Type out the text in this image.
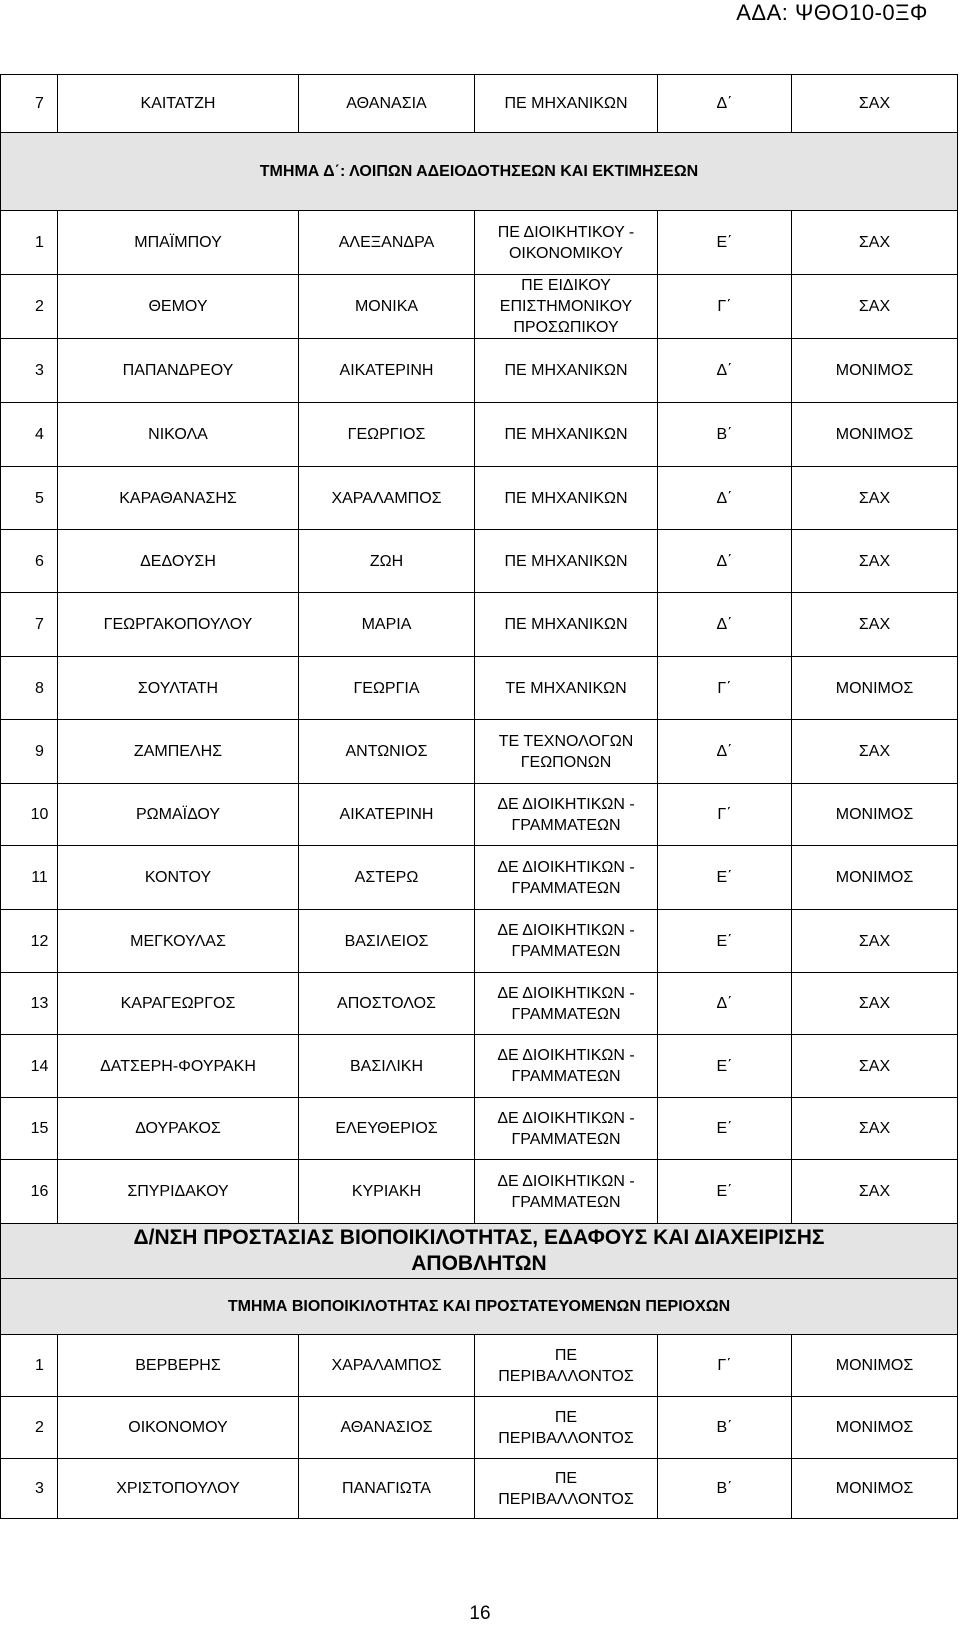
ΑΔΑ: ΨΘΟ10-0ΞΦ
7	ΚΑΙΤΑΤΖΗ	ΑΘΑΝΑΣΙΑ	ΠΕ ΜΗΧΑΝΙΚΩΝ	Δ΄	ΣΑΧ
ΤΜΗΜΑ Δ΄: ΛΟΙΠΩΝ ΑΔΕΙΟΔΟΤΗΣΕΩΝ ΚΑΙ ΕΚΤΙΜΗΣΕΩΝ					
1	ΜΠΑΪΜΠΟΥ	ΑΛΕΞΑΝΔΡΑ	ΠΕ ΔΙΟΙΚΗΤΙΚΟΥ -
ΟΙΚΟΝΟΜΙΚΟΥ	Ε΄	ΣΑΧ
2	ΘΕΜΟΥ	ΜΟΝΙΚΑ	ΠΕ ΕΙΔΙΚΟΥ
ΕΠΙΣΤΗΜΟΝΙΚΟΥ
ΠΡΟΣΩΠΙΚΟΥ	Γ΄	ΣΑΧ
3	ΠΑΠΑΝΔΡΕΟΥ	ΑΙΚΑΤΕΡΙΝΗ	ΠΕ ΜΗΧΑΝΙΚΩΝ	Δ΄	ΜΟΝΙΜΟΣ
4	ΝΙΚΟΛΑ	ΓΕΩΡΓΙΟΣ	ΠΕ ΜΗΧΑΝΙΚΩΝ	Β΄	ΜΟΝΙΜΟΣ
5	ΚΑΡΑΘΑΝΑΣΗΣ	ΧΑΡΑΛΑΜΠΟΣ	ΠΕ ΜΗΧΑΝΙΚΩΝ	Δ΄	ΣΑΧ
6	ΔΕΔΟΥΣΗ	ΖΩΗ	ΠΕ ΜΗΧΑΝΙΚΩΝ	Δ΄	ΣΑΧ
7	ΓΕΩΡΓΑΚΟΠΟΥΛΟΥ	ΜΑΡΙΑ	ΠΕ ΜΗΧΑΝΙΚΩΝ	Δ΄	ΣΑΧ
8	ΣΟΥΛΤΑΤΗ	ΓΕΩΡΓΙΑ	ΤΕ ΜΗΧΑΝΙΚΩΝ	Γ΄	ΜΟΝΙΜΟΣ
9	ΖΑΜΠΕΛΗΣ	ΑΝΤΩΝΙΟΣ	ΤΕ ΤΕΧΝΟΛΟΓΩΝ
ΓΕΩΠΟΝΩΝ	Δ΄	ΣΑΧ
10	ΡΩΜΑΪΔΟΥ	ΑΙΚΑΤΕΡΙΝΗ	ΔΕ ΔΙΟΙΚΗΤΙΚΩΝ -
ΓΡΑΜΜΑΤΕΩΝ	Γ΄	ΜΟΝΙΜΟΣ
11	ΚΟΝΤΟΥ	ΑΣΤΕΡΩ	ΔΕ ΔΙΟΙΚΗΤΙΚΩΝ -
ΓΡΑΜΜΑΤΕΩΝ	Ε΄	ΜΟΝΙΜΟΣ
12	ΜΕΓΚΟΥΛΑΣ	ΒΑΣΙΛΕΙΟΣ	ΔΕ ΔΙΟΙΚΗΤΙΚΩΝ -
ΓΡΑΜΜΑΤΕΩΝ	Ε΄	ΣΑΧ
13	ΚΑΡΑΓΕΩΡΓΟΣ	ΑΠΟΣΤΟΛΟΣ	ΔΕ ΔΙΟΙΚΗΤΙΚΩΝ -
ΓΡΑΜΜΑΤΕΩΝ	Δ΄	ΣΑΧ
14	ΔΑΤΣΕΡΗ-ΦΟΥΡΑΚΗ	ΒΑΣΙΛΙΚΗ	ΔΕ ΔΙΟΙΚΗΤΙΚΩΝ -
ΓΡΑΜΜΑΤΕΩΝ	Ε΄	ΣΑΧ
15	ΔΟΥΡΑΚΟΣ	ΕΛΕΥΘΕΡΙΟΣ	ΔΕ ΔΙΟΙΚΗΤΙΚΩΝ -
ΓΡΑΜΜΑΤΕΩΝ	Ε΄	ΣΑΧ
16	ΣΠΥΡΙΔΑΚΟΥ	ΚΥΡΙΑΚΗ	ΔΕ ΔΙΟΙΚΗΤΙΚΩΝ -
ΓΡΑΜΜΑΤΕΩΝ	Ε΄	ΣΑΧ
Δ/ΝΣΗ ΠΡΟΣΤΑΣΙΑΣ ΒΙΟΠΟΙΚΙΛΟΤΗΤΑΣ, ΕΔΑΦΟΥΣ ΚΑΙ ΔΙΑΧΕΙΡΙΣΗΣ
ΑΠΟΒΛΗΤΩΝ					
ΤΜΗΜΑ ΒΙΟΠΟΙΚΙΛΟΤΗΤΑΣ ΚΑΙ ΠΡΟΣΤΑΤΕΥΟΜΕΝΩΝ ΠΕΡΙΟΧΩΝ					
1	ΒΕΡΒΕΡΗΣ	ΧΑΡΑΛΑΜΠΟΣ	ΠΕ
ΠΕΡΙΒΑΛΛΟΝΤΟΣ	Γ΄	ΜΟΝΙΜΟΣ
2	ΟΙΚΟΝΟΜΟΥ	ΑΘΑΝΑΣΙΟΣ	ΠΕ
ΠΕΡΙΒΑΛΛΟΝΤΟΣ	Β΄	ΜΟΝΙΜΟΣ
3	ΧΡΙΣΤΟΠΟΥΛΟΥ	ΠΑΝΑΓΙΩΤΑ	ΠΕ
ΠΕΡΙΒΑΛΛΟΝΤΟΣ	Β΄	ΜΟΝΙΜΟΣ
16
